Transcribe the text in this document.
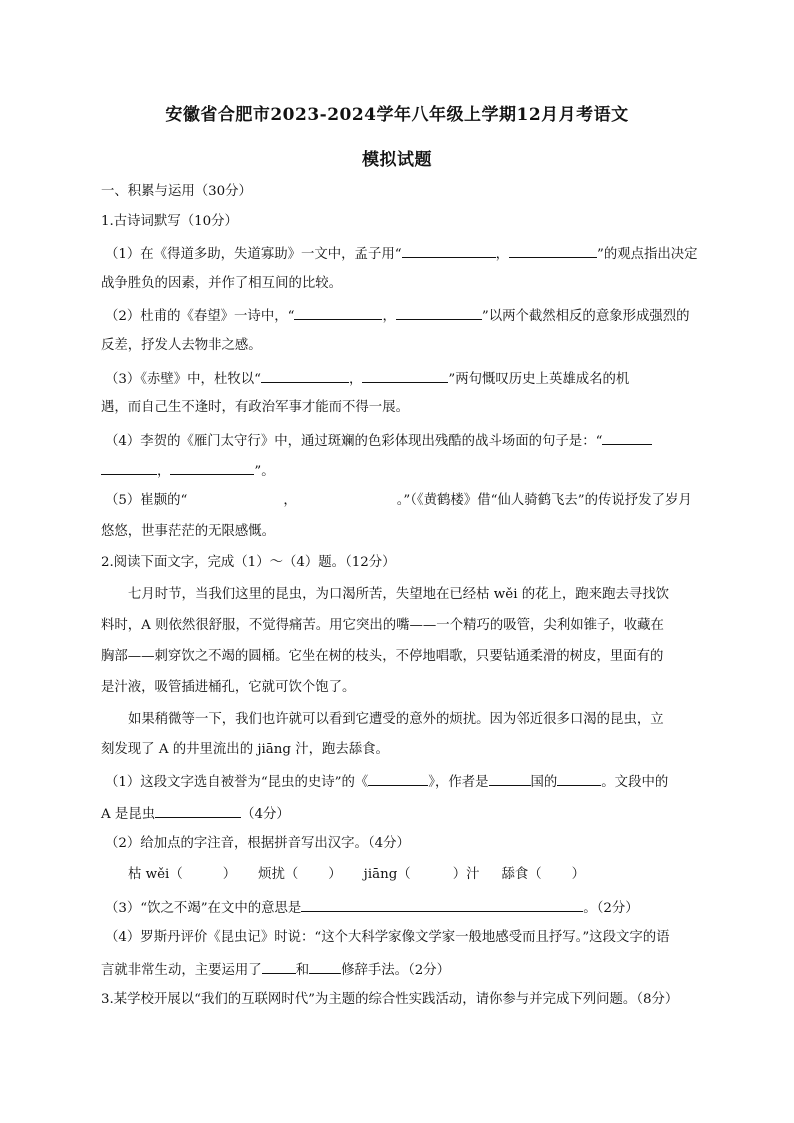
安徽省合肥市2023-2024学年八年级上学期12月月考语文
模拟试题
一、积累与运用（30分）
1.古诗词默写（10分）
（1）在《得道多助，失道寡助》一文中，孟子用“	，	”的观点指出决定
战争胜负的因素，并作了相互间的比较。
（2）杜甫的《春望》一诗中，“	，	”以两个截然相反的意象形成强烈的
反差，抒发人去物非之感。
（3）《赤壁》中，杜牧以“	，	”两句慨叹历史上英雄成名的机
遇，而自己生不逢时，有政治军事才能而不得一展。
（4）李贺的《雁门太守行》中，通过斑斓的色彩体现出残酷的战斗场面的句子是：“
，	”。
（5）崔颢的“	，	。”（《黄鹤楼》借“仙人骑鹤飞去”的传说抒发了岁月
悠悠，世事茫茫的无限感慨。
2.阅读下面文字，完成（1）～（4）题。（12分）
七月时节，当我们这里的昆虫，为口渴所苦，失望地在已经枯 wěi 的花上，跑来跑去寻找饮
料时，A 则依然很舒服，不觉得痛苦。用它突出的嘴——一个精巧的吸管，尖利如锥子，收藏在
胸部——刺穿饮之不竭的圆桶。它坐在树的枝头，不停地唱歌，只要钻通柔滑的树皮，里面有的
是汁液，吸管插进桶孔，它就可饮个饱了。
如果稍微等一下，我们也许就可以看到它遭受的意外的烦扰。因为邻近很多口渴的昆虫，立
刻发现了 A 的井里流出的 jiāng 汁，跑去舔食。
（1）这段文字选自被誉为“昆虫的史诗”的《	》，作者是	国的	。文段中的
A 是昆虫	（4分）
（2）给加点的字注音，根据拼音写出汉字。（4分）
枯 wěi（	） 烦扰（ ） jiāng（	）汁 舔食（ ）
（3）“饮之不竭”在文中的意思是	。（2分）
（4）罗斯丹评价《昆虫记》时说：“这个大科学家像文学家一般地感受而且抒写。”这段文字的语
言就非常生动，主要运用了	和 修辞手法。（2分）
3.某学校开展以“我们的互联网时代”为主题的综合性实践活动，请你参与并完成下列问题。（8分）
